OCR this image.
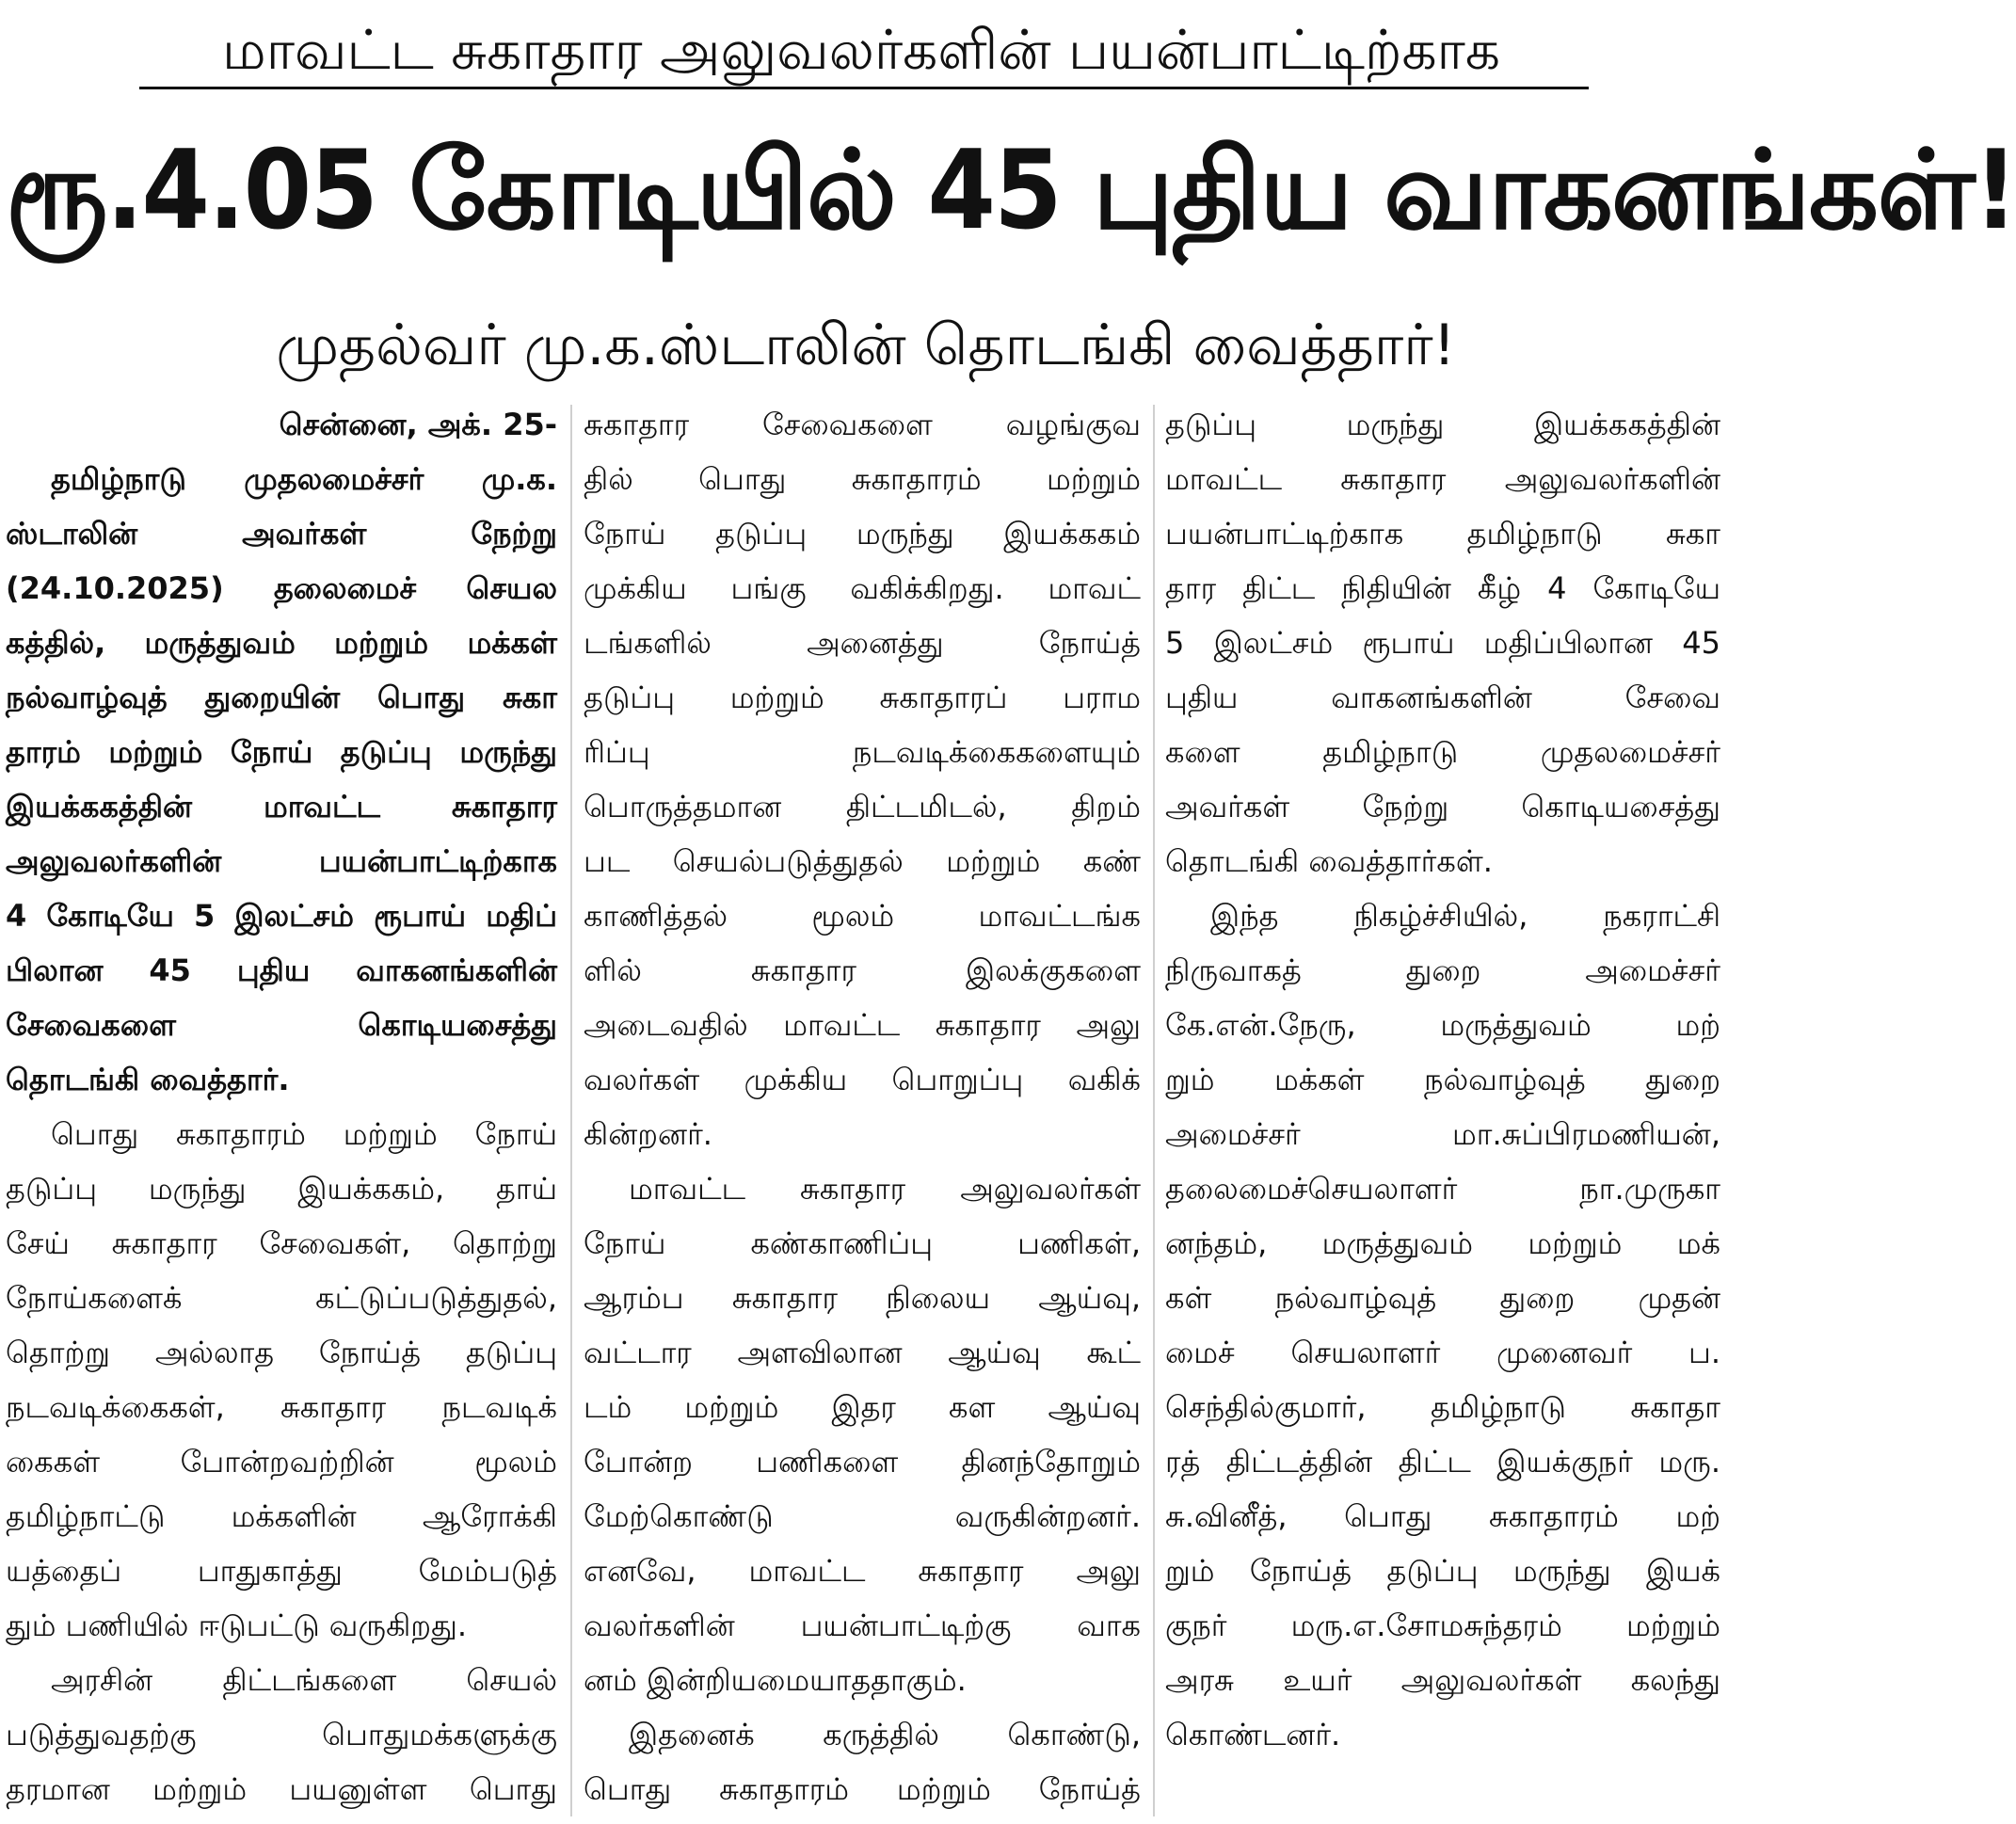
மாவட்ட சுகாதார அலுவலர்களின் பயன்பாட்டிற்காக
ரூ.4.05 கோடியில் 45 புதிய வாகனங்கள்!
முதல்வர் மு.க.ஸ்டாலின் தொடங்கி வைத்தார்!
சென்னை, அக். 25-
தமிழ்நாடு முதலமைச்சர் மு.க.
ஸ்டாலின் அவர்கள் நேற்று
(24.10.2025) தலைமைச் செயல
கத்தில், மருத்துவம் மற்றும் மக்கள்
நல்வாழ்வுத் துறையின் பொது சுகா
தாரம் மற்றும் நோய் தடுப்பு மருந்து
இயக்ககத்தின் மாவட்ட சுகாதார
அலுவலர்களின் பயன்பாட்டிற்காக
4 கோடியே 5 இலட்சம் ரூபாய் மதிப்
பிலான 45 புதிய வாகனங்களின்
சேவைகளை கொடியசைத்து
தொடங்கி வைத்தார்.
பொது சுகாதாரம் மற்றும் நோய்
தடுப்பு மருந்து இயக்ககம், தாய்
சேய் சுகாதார சேவைகள், தொற்று
நோய்களைக் கட்டுப்படுத்துதல்,
தொற்று அல்லாத நோய்த் தடுப்பு
நடவடிக்கைகள், சுகாதார நடவடிக்
கைகள் போன்றவற்றின் மூலம்
தமிழ்நாட்டு மக்களின் ஆரோக்கி
யத்தைப் பாதுகாத்து மேம்படுத்
தும் பணியில் ஈடுபட்டு வருகிறது.
அரசின் திட்டங்களை செயல்
படுத்துவதற்கு பொதுமக்களுக்கு
தரமான மற்றும் பயனுள்ள பொது
சுகாதார சேவைகளை வழங்குவ
தில் பொது சுகாதாரம் மற்றும்
நோய் தடுப்பு மருந்து இயக்ககம்
முக்கிய பங்கு வகிக்கிறது. மாவட்
டங்களில் அனைத்து நோய்த்
தடுப்பு மற்றும் சுகாதாரப் பராம
ரிப்பு நடவடிக்கைகளையும்
பொருத்தமான திட்டமிடல், திறம்
பட செயல்படுத்துதல் மற்றும் கண்
காணித்தல் மூலம் மாவட்டங்க
ளில் சுகாதார இலக்குகளை
அடைவதில் மாவட்ட சுகாதார அலு
வலர்கள் முக்கிய பொறுப்பு வகிக்
கின்றனர்.
மாவட்ட சுகாதார அலுவலர்கள்
நோய் கண்காணிப்பு பணிகள்,
ஆரம்ப சுகாதார நிலைய ஆய்வு,
வட்டார அளவிலான ஆய்வு கூட்
டம் மற்றும் இதர கள ஆய்வு
போன்ற பணிகளை தினந்தோறும்
மேற்கொண்டு வருகின்றனர்.
எனவே, மாவட்ட சுகாதார அலு
வலர்களின் பயன்பாட்டிற்கு வாக
னம் இன்றியமையாததாகும்.
இதனைக் கருத்தில் கொண்டு,
பொது சுகாதாரம் மற்றும் நோய்த்
தடுப்பு மருந்து இயக்ககத்தின்
மாவட்ட சுகாதார அலுவலர்களின்
பயன்பாட்டிற்காக தமிழ்நாடு சுகா
தார திட்ட நிதியின் கீழ் 4 கோடியே
5 இலட்சம் ரூபாய் மதிப்பிலான 45
புதிய வாகனங்களின் சேவை
களை தமிழ்நாடு முதலமைச்சர்
அவர்கள் நேற்று கொடியசைத்து
தொடங்கி வைத்தார்கள்.
இந்த நிகழ்ச்சியில், நகராட்சி
நிருவாகத் துறை அமைச்சர்
கே.என்.நேரு, மருத்துவம் மற்
றும் மக்கள் நல்வாழ்வுத் துறை
அமைச்சர் மா.சுப்பிரமணியன்,
தலைமைச்செயலாளர் நா.முருகா
னந்தம், மருத்துவம் மற்றும் மக்
கள் நல்வாழ்வுத் துறை முதன்
மைச் செயலாளர் முனைவர் ப.
செந்தில்குமார், தமிழ்நாடு சுகாதா
ரத் திட்டத்தின் திட்ட இயக்குநர் மரு.
சு.வினீத், பொது சுகாதாரம் மற்
றும் நோய்த் தடுப்பு மருந்து இயக்
குநர் மரு.எ.சோமசுந்தரம் மற்றும்
அரசு உயர் அலுவலர்கள் கலந்து
கொண்டனர்.
